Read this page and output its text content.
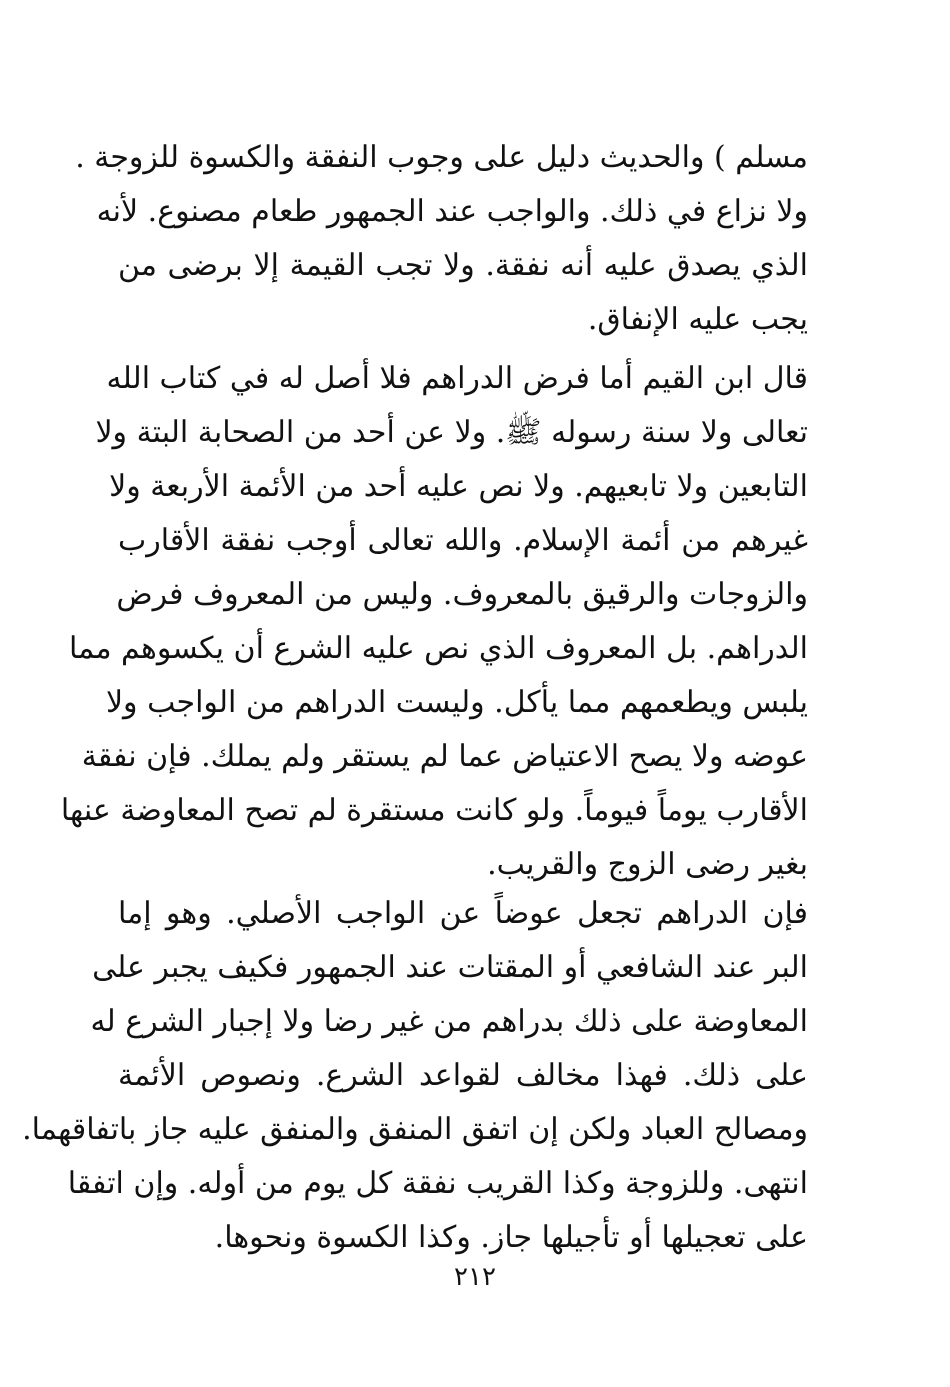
مسلم ) والحديث دليل على وجوب النفقة والكسوة للزوجة .
ولا نزاع في ذلك. والواجب عند الجمهور طعام مصنوع. لأنه
الذي يصدق عليه أنه نفقة. ولا تجب القيمة إلا برضى من
يجب عليه الإنفاق.
قال ابن القيم أما فرض الدراهم فلا أصل له في كتاب الله
تعالى ولا سنة رسوله ﷺ. ولا عن أحد من الصحابة البتة ولا
التابعين ولا تابعيهم. ولا نص عليه أحد من الأئمة الأربعة ولا
غيرهم من أئمة الإسلام. والله تعالى أوجب نفقة الأقارب
والزوجات والرقيق بالمعروف. وليس من المعروف فرض
الدراهم. بل المعروف الذي نص عليه الشرع أن يكسوهم مما
يلبس ويطعمهم مما يأكل. وليست الدراهم من الواجب ولا
عوضه ولا يصح الاعتياض عما لم يستقر ولم يملك. فإن نفقة
الأقارب يوماً فيوماً. ولو كانت مستقرة لم تصح المعاوضة عنها
بغير رضى الزوج والقريب.
فإن الدراهم تجعل عوضاً عن الواجب الأصلي. وهو إما
البر عند الشافعي أو المقتات عند الجمهور فكيف يجبر على
المعاوضة على ذلك بدراهم من غير رضا ولا إجبار الشرع له
على ذلك. فهذا مخالف لقواعد الشرع. ونصوص الأئمة
ومصالح العباد ولكن إن اتفق المنفق والمنفق عليه جاز باتفاقهما.
انتهى. وللزوجة وكذا القريب نفقة كل يوم من أوله. وإن اتفقا
على تعجيلها أو تأجيلها جاز. وكذا الكسوة ونحوها.
٢١٢
